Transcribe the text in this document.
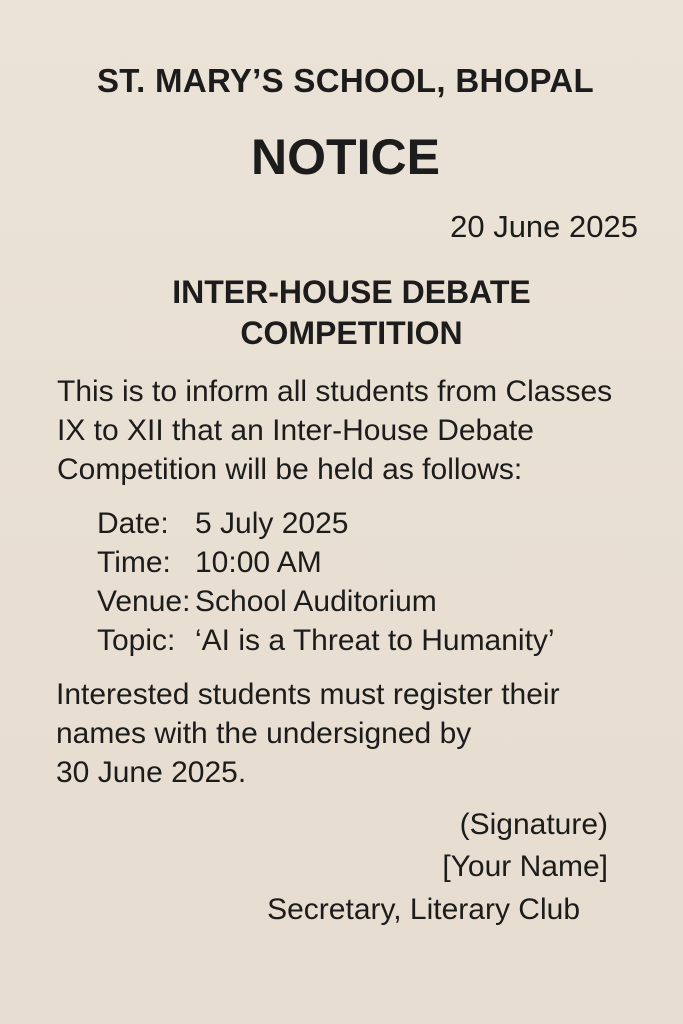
ST. MARY’S SCHOOL, BHOPAL
NOTICE
20 June 2025
INTER-HOUSE DEBATE
COMPETITION
This is to inform all students from Classes
IX to XII that an Inter-House Debate
Competition will be held as follows:
Date: 5 July 2025
Time: 10:00 AM
Venue: School Auditorium
Topic: ‘AI is a Threat to Humanity’
Interested students must register their
names with the undersigned by
30 June 2025.
(Signature)
[Your Name]
Secretary, Literary Club
